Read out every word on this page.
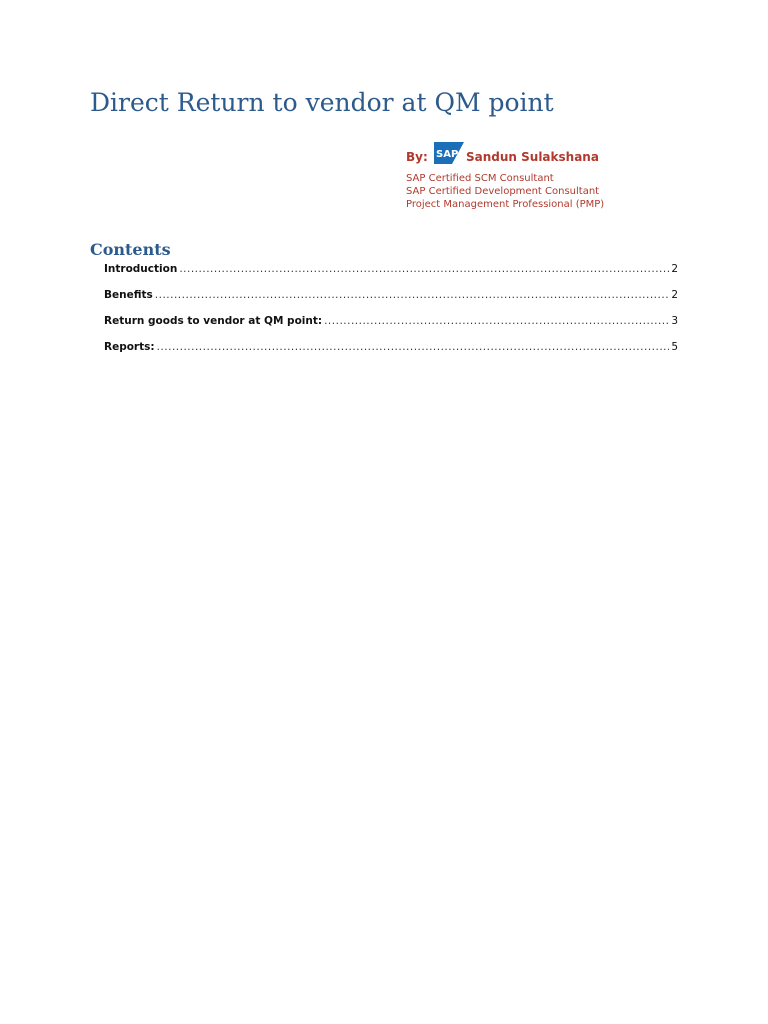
Direct Return to vendor at QM point
By: SAP Sandun Sulakshana
SAP Certified SCM Consultant
SAP Certified Development Consultant
Project Management Professional (PMP)
Contents
Introduction .....	2
Benefits .....	2
Return goods to vendor at QM point: .....	3
Reports: .....	5
